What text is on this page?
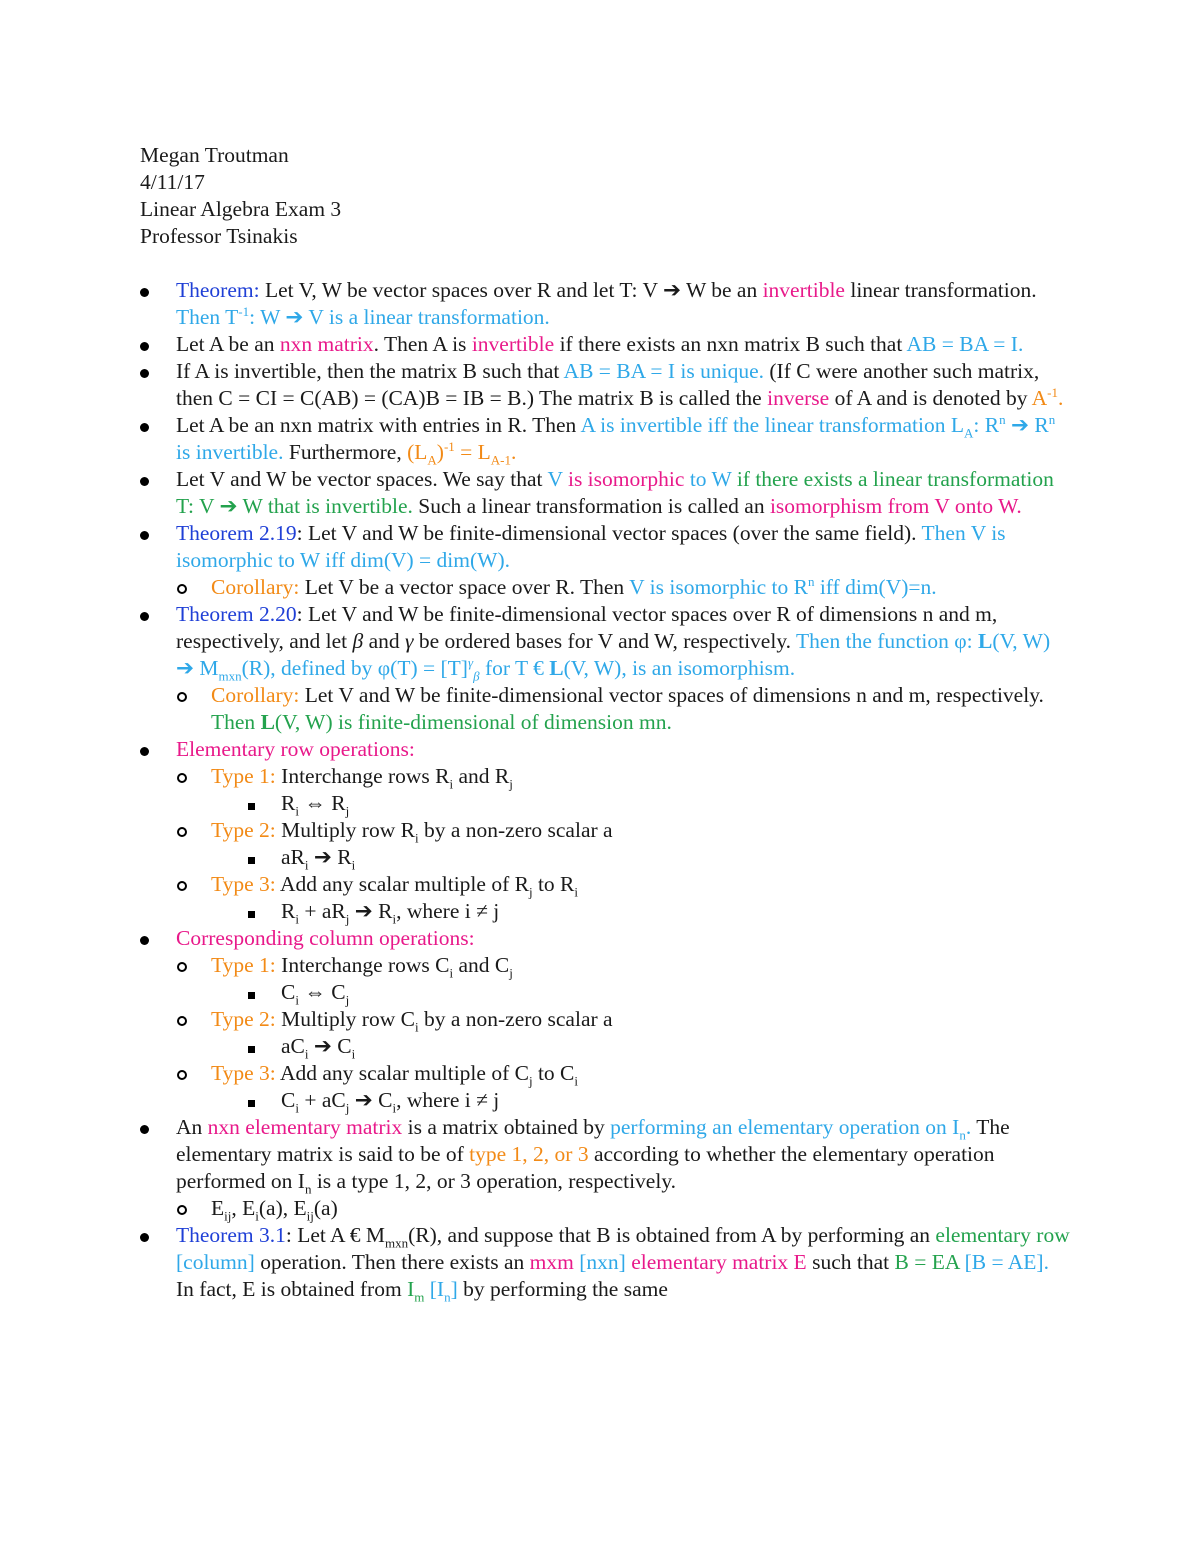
Megan Troutman
4/11/17
Linear Algebra Exam 3
Professor Tsinakis
Theorem: Let V, W be vector spaces over R and let T: V ➔ W be an invertible linear transformation. Then $T^{-1}$: W ➔ V is a linear transformation.
Let A be an nxn matrix. Then A is invertible if there exists an nxn matrix B such that AB = BA = I.
If A is invertible, then the matrix B such that AB = BA = I is unique. (If C were another such matrix, then C = CI = C(AB) = (CA)B = IB = B.) The matrix B is called the inverse of A and is denoted by $A^{-1}$.
Let A be an nxn matrix with entries in R. Then A is invertible iff the linear transformation $L_A$: $R^n$ ➔ $R^n$ is invertible. Furthermore, $(L_A)^{-1} = L_{A-1}$.
Let V and W be vector spaces. We say that V is isomorphic to W if there exists a linear transformation T: V ➔ W that is invertible. Such a linear transformation is called an isomorphism from V onto W.
Theorem 2.19: Let V and W be finite-dimensional vector spaces (over the same field). Then V is isomorphic to W iff dim(V) = dim(W).
Corollary: Let V be a vector space over R. Then V is isomorphic to $R^n$ iff dim(V)=n.
Theorem 2.20: Let V and W be finite-dimensional vector spaces over R of dimensions n and m, respectively, and let β and γ be ordered bases for V and W, respectively. Then the function φ: L(V, W) ➔ $M_{mxn}(R)$, defined by $\varphi(T) = [T]^\gamma_\beta$ for T € L(V, W), is an isomorphism.
Corollary: Let V and W be finite-dimensional vector spaces of dimensions n and m, respectively. Then L(V, W) is finite-dimensional of dimension mn.
Elementary row operations:
Type 1: Interchange rows $R_i$ and $R_j$
$R_i$ ⇔ $R_j$
Type 2: Multiply row $R_i$ by a non-zero scalar a
$aR_i$ ➔ $R_i$
Type 3: Add any scalar multiple of $R_j$ to $R_i$
$R_i + aR_j$ ➔ $R_i$, where i ≠ j
Corresponding column operations:
Type 1: Interchange rows $C_i$ and $C_j$
$C_i$ ⇔ $C_j$
Type 2: Multiply row $C_i$ by a non-zero scalar a
$aC_i$ ➔ $C_i$
Type 3: Add any scalar multiple of $C_j$ to $C_i$
$C_i + aC_j$ ➔ $C_i$, where i ≠ j
An nxn elementary matrix is a matrix obtained by performing an elementary operation on $I_n$. The elementary matrix is said to be of type 1, 2, or 3 according to whether the elementary operation performed on $I_n$ is a type 1, 2, or 3 operation, respectively.
$E_{ij}$, $E_i(a)$, $E_{ij}(a)$
Theorem 3.1: Let A € $M_{mxn}(R)$, and suppose that B is obtained from A by performing an elementary row [column] operation. Then there exists an mxm [nxn] elementary matrix E such that B = EA [B = AE]. In fact, E is obtained from $I_m$ $[I_n]$ by performing the same
